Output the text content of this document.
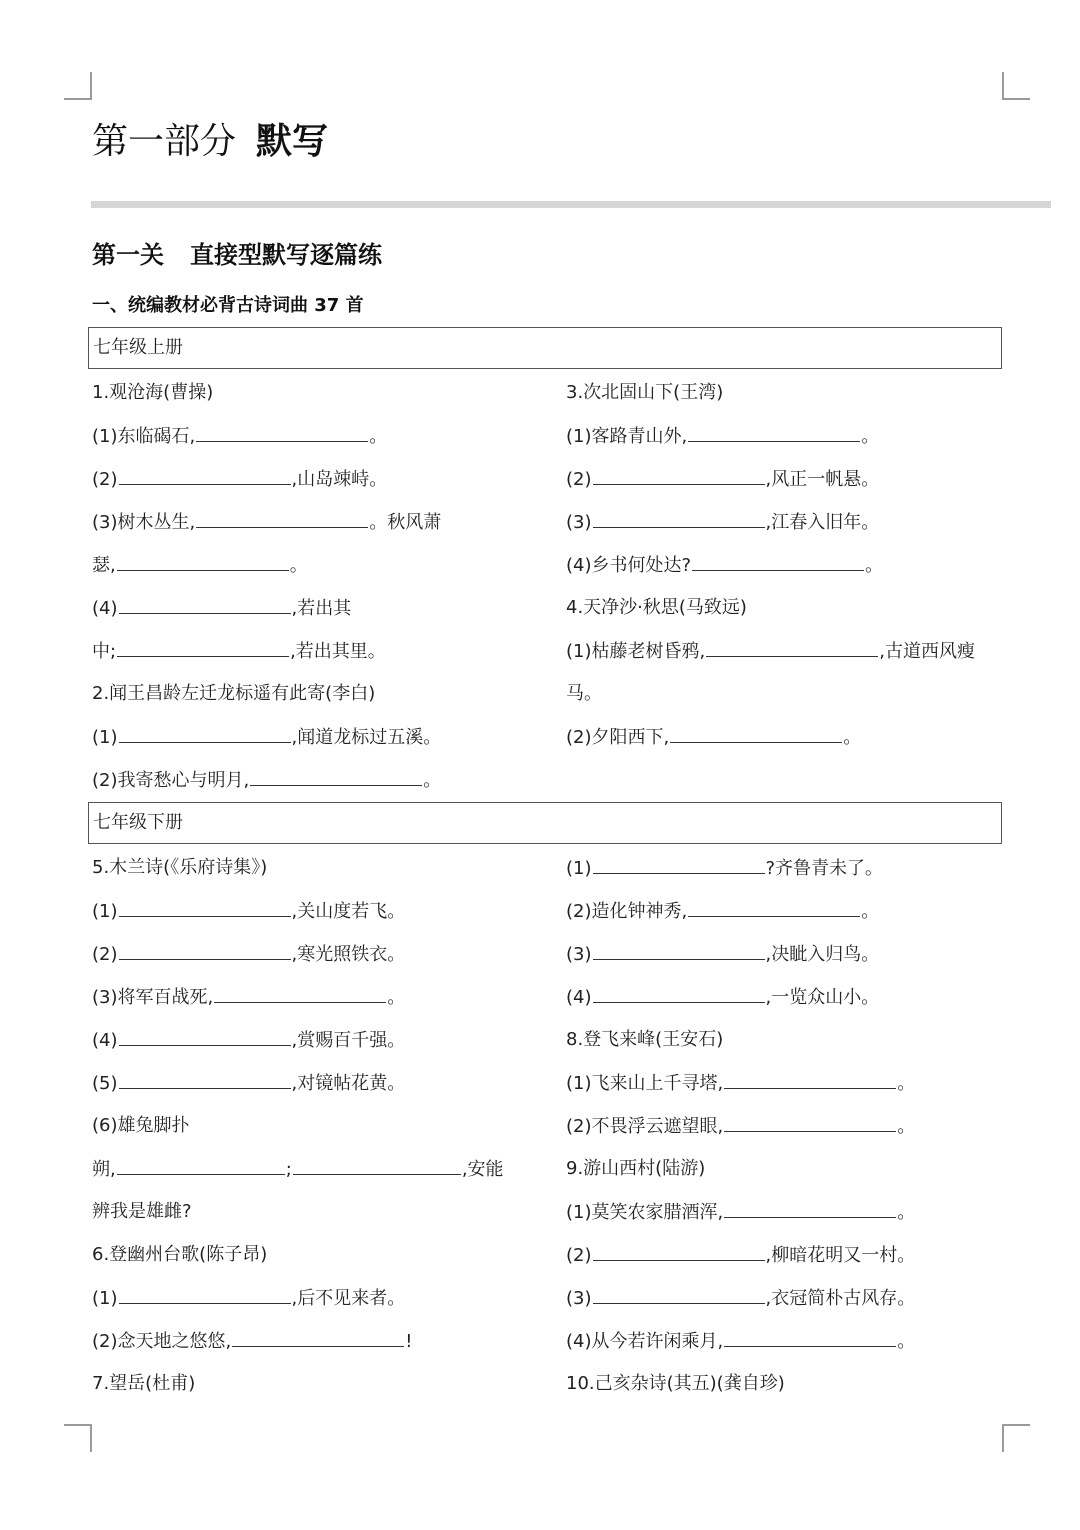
第一部分 默写
第一关 直接型默写逐篇练
一、统编教材必背古诗词曲 37 首
七年级上册
七年级下册
1.观沧海(曹操)
(1)东临碣石,	。
(2)	,山岛竦峙。
(3)树木丛生,	。秋风萧
瑟,	。
(4)	,若出其
中;	,若出其里。
2.闻王昌龄左迁龙标遥有此寄(李白)
(1)	,闻道龙标过五溪。
(2)我寄愁心与明月,	。
3.次北固山下(王湾)
(1)客路青山外,	。
(2)	,风正一帆悬。
(3)	,江春入旧年。
(4)乡书何处达?	。
4.天净沙·秋思(马致远)
(1)枯藤老树昏鸦,	,古道西风瘦
马。
(2)夕阳西下,	。
5.木兰诗(《乐府诗集》)
(1)	,关山度若飞。
(2)	,寒光照铁衣。
(3)将军百战死,	。
(4)	,赏赐百千强。
(5)	,对镜帖花黄。
(6)雄兔脚扑
朔,	;	,安能
辨我是雄雌?
6.登幽州台歌(陈子昂)
(1)	,后不见来者。
(2)念天地之悠悠,	!
7.望岳(杜甫)
(1)	?齐鲁青未了。
(2)造化钟神秀,	。
(3)	,决眦入归鸟。
(4)	,一览众山小。
8.登飞来峰(王安石)
(1)飞来山上千寻塔,	。
(2)不畏浮云遮望眼,	。
9.游山西村(陆游)
(1)莫笑农家腊酒浑,	。
(2)	,柳暗花明又一村。
(3)	,衣冠简朴古风存。
(4)从今若许闲乘月,	。
10.己亥杂诗(其五)(龚自珍)
